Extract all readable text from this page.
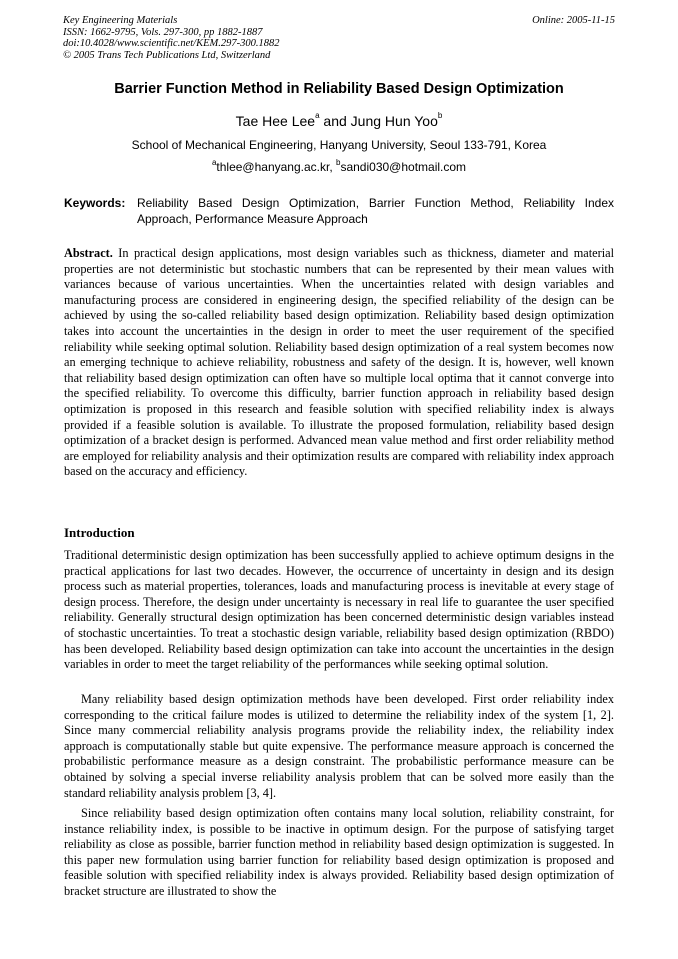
Key Engineering Materials
ISSN: 1662-9795, Vols. 297-300, pp 1882-1887
doi:10.4028/www.scientific.net/KEM.297-300.1882
© 2005 Trans Tech Publications Ltd, Switzerland
Online: 2005-11-15
Barrier Function Method in Reliability Based Design Optimization
Tae Hee Lee$^a$ and Jung Hun Yoo$^b$
School of Mechanical Engineering, Hanyang University, Seoul 133-791, Korea
$^a$thlee@hanyang.ac.kr, $^b$sandi030@hotmail.com
Keywords: Reliability Based Design Optimization, Barrier Function Method, Reliability Index Approach, Performance Measure Approach

Abstract. In practical design applications, most design variables such as thickness, diameter and material properties are not deterministic but stochastic numbers that can be represented by their mean values with variances because of various uncertainties. When the uncertainties related with design variables and manufacturing process are considered in engineering design, the specified reliability of the design can be achieved by using the so-called reliability based design optimization. Reliability based design optimization takes into account the uncertainties in the design in order to meet the user requirement of the specified reliability while seeking optimal solution. Reliability based design optimization of a real system becomes now an emerging technique to achieve reliability, robustness and safety of the design. It is, however, well known that reliability based design optimization can often have so multiple local optima that it cannot converge into the specified reliability. To overcome this difficulty, barrier function approach in reliability based design optimization is proposed in this research and feasible solution with specified reliability index is always provided if a feasible solution is available. To illustrate the proposed formulation, reliability based design optimization of a bracket design is performed. Advanced mean value method and first order reliability method are employed for reliability analysis and their optimization results are compared with reliability index approach based on the accuracy and efficiency.

Introduction

Traditional deterministic design optimization has been successfully applied to achieve optimum designs in the practical applications for last two decades. However, the occurrence of uncertainty in design and its design process such as material properties, tolerances, loads and manufacturing process is inevitable at every stage of design process. Therefore, the design under uncertainty is necessary in real life to guarantee the user specified reliability. Generally structural design optimization has been concerned deterministic design variables instead of stochastic uncertainties. To treat a stochastic design variable, reliability based design optimization (RBDO) has been developed. Reliability based design optimization can take into account the uncertainties in the design variables in order to meet the target reliability of the performances while seeking optimal solution.

Many reliability based design optimization methods have been developed. First order reliability index corresponding to the critical failure modes is utilized to determine the reliability index of the system [1, 2]. Since many commercial reliability analysis programs provide the reliability index, the reliability index approach is computationally stable but quite expensive. The performance measure approach is concerned the probabilistic performance measure as a design constraint. The probabilistic performance measure can be obtained by solving a special inverse reliability analysis problem that can be solved more easily than the standard reliability analysis problem [3, 4].

Since reliability based design optimization often contains many local solution, reliability constraint, for instance reliability index, is possible to be inactive in optimum design. For the purpose of satisfying target reliability as close as possible, barrier function method in reliability based design optimization is suggested. In this paper new formulation using barrier function for reliability based design optimization is proposed and feasible solution with specified reliability index is always provided. Reliability based design optimization of bracket structure are illustrated to show the
